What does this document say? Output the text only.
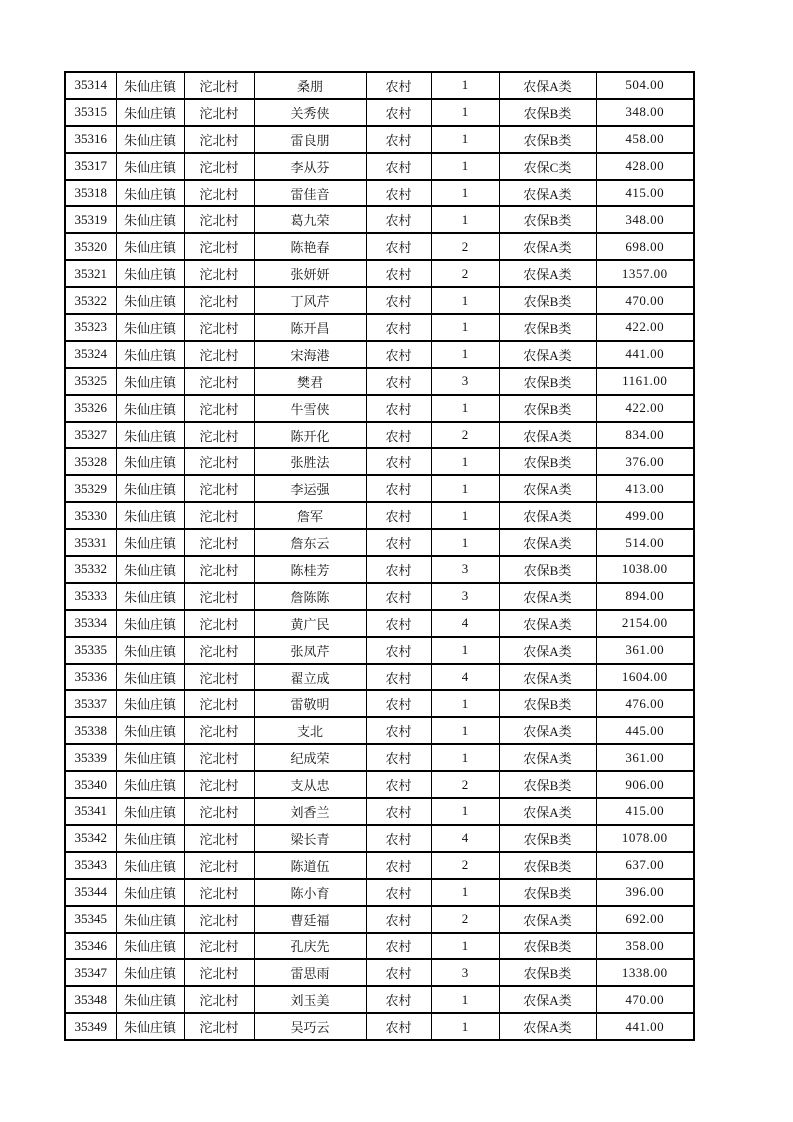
35314	朱仙庄镇	沱北村	桑朋	农村	1	农保A类	504.00
35315	朱仙庄镇	沱北村	关秀侠	农村	1	农保B类	348.00
35316	朱仙庄镇	沱北村	雷良朋	农村	1	农保B类	458.00
35317	朱仙庄镇	沱北村	李从芬	农村	1	农保C类	428.00
35318	朱仙庄镇	沱北村	雷佳音	农村	1	农保A类	415.00
35319	朱仙庄镇	沱北村	葛九荣	农村	1	农保B类	348.00
35320	朱仙庄镇	沱北村	陈艳春	农村	2	农保A类	698.00
35321	朱仙庄镇	沱北村	张妍妍	农村	2	农保A类	1357.00
35322	朱仙庄镇	沱北村	丁风芹	农村	1	农保B类	470.00
35323	朱仙庄镇	沱北村	陈开昌	农村	1	农保B类	422.00
35324	朱仙庄镇	沱北村	宋海港	农村	1	农保A类	441.00
35325	朱仙庄镇	沱北村	樊君	农村	3	农保B类	1161.00
35326	朱仙庄镇	沱北村	牛雪侠	农村	1	农保B类	422.00
35327	朱仙庄镇	沱北村	陈开化	农村	2	农保A类	834.00
35328	朱仙庄镇	沱北村	张胜法	农村	1	农保B类	376.00
35329	朱仙庄镇	沱北村	李运强	农村	1	农保A类	413.00
35330	朱仙庄镇	沱北村	詹军	农村	1	农保A类	499.00
35331	朱仙庄镇	沱北村	詹东云	农村	1	农保A类	514.00
35332	朱仙庄镇	沱北村	陈桂芳	农村	3	农保B类	1038.00
35333	朱仙庄镇	沱北村	詹陈陈	农村	3	农保A类	894.00
35334	朱仙庄镇	沱北村	黄广民	农村	4	农保A类	2154.00
35335	朱仙庄镇	沱北村	张凤芹	农村	1	农保A类	361.00
35336	朱仙庄镇	沱北村	翟立成	农村	4	农保A类	1604.00
35337	朱仙庄镇	沱北村	雷敬明	农村	1	农保B类	476.00
35338	朱仙庄镇	沱北村	支北	农村	1	农保A类	445.00
35339	朱仙庄镇	沱北村	纪成荣	农村	1	农保A类	361.00
35340	朱仙庄镇	沱北村	支从忠	农村	2	农保B类	906.00
35341	朱仙庄镇	沱北村	刘香兰	农村	1	农保A类	415.00
35342	朱仙庄镇	沱北村	梁长青	农村	4	农保B类	1078.00
35343	朱仙庄镇	沱北村	陈道伍	农村	2	农保B类	637.00
35344	朱仙庄镇	沱北村	陈小育	农村	1	农保B类	396.00
35345	朱仙庄镇	沱北村	曹廷福	农村	2	农保A类	692.00
35346	朱仙庄镇	沱北村	孔庆先	农村	1	农保B类	358.00
35347	朱仙庄镇	沱北村	雷思雨	农村	3	农保B类	1338.00
35348	朱仙庄镇	沱北村	刘玉美	农村	1	农保A类	470.00
35349	朱仙庄镇	沱北村	吴巧云	农村	1	农保A类	441.00
